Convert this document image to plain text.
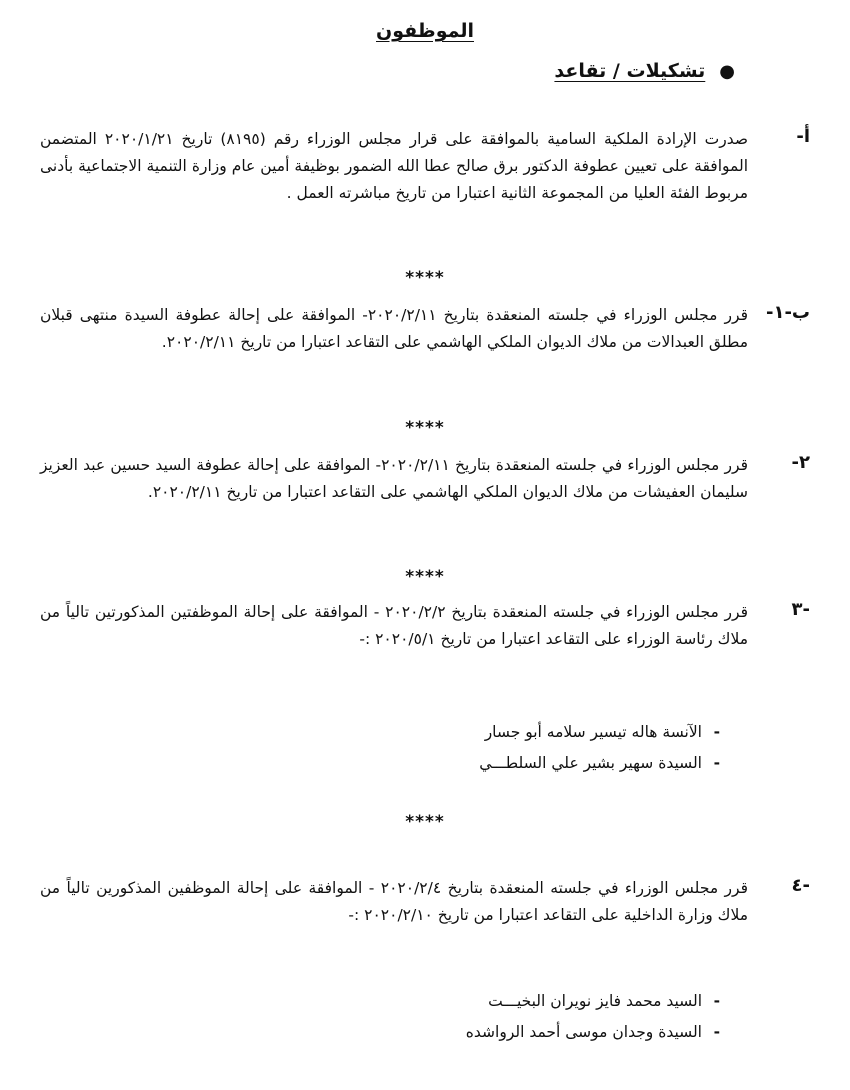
الموظفون
●تشكيلات / تقاعد
أ-
صدرت الإرادة الملكية السامية بالموافقة على قرار مجلس الوزراء رقم (٨١٩٥) تاريخ ٢٠٢٠/١/٢١ المتضمن الموافقة على تعيين عطوفة الدكتور برق صالح عطا الله الضمور بوظيفة أمين عام وزارة التنمية الاجتماعية بأدنى مربوط الفئة العليا من المجموعة الثانية اعتبارا من تاريخ مباشرته العمل .
****
ب-١-
قرر مجلس الوزراء في جلسته المنعقدة بتاريخ ٢٠٢٠/٢/١١- الموافقة على إحالة عطوفة السيدة منتهى قبلان مطلق العبدالات من ملاك الديوان الملكي الهاشمي على التقاعد اعتبارا من تاريخ ٢٠٢٠/٢/١١.
****
٢-
قرر مجلس الوزراء في جلسته المنعقدة بتاريخ ٢٠٢٠/٢/١١- الموافقة على إحالة عطوفة السيد حسين عبد العزيز سليمان العفيشات من ملاك الديوان الملكي الهاشمي على التقاعد اعتبارا من تاريخ ٢٠٢٠/٢/١١.
****
-٣
قرر مجلس الوزراء في جلسته المنعقدة بتاريخ ٢٠٢٠/٢/٢ - الموافقة على إحالة الموظفتين المذكورتين تالياً من ملاك رئاسة الوزراء على التقاعد اعتبارا من تاريخ ٢٠٢٠/٥/١ :-
-الآنسة هاله تيسير سلامه أبو جسار
-السيدة سهير بشير علي السلطـــي
****
-٤
قرر مجلس الوزراء في جلسته المنعقدة بتاريخ ٢٠٢٠/٢/٤ - الموافقة على إحالة الموظفين المذكورين تالياً من ملاك وزارة الداخلية على التقاعد اعتبارا من تاريخ ٢٠٢٠/٢/١٠ :-
-السيد محمد فايز نويران البخيـــت
-السيدة وجدان موسى أحمد الرواشده
